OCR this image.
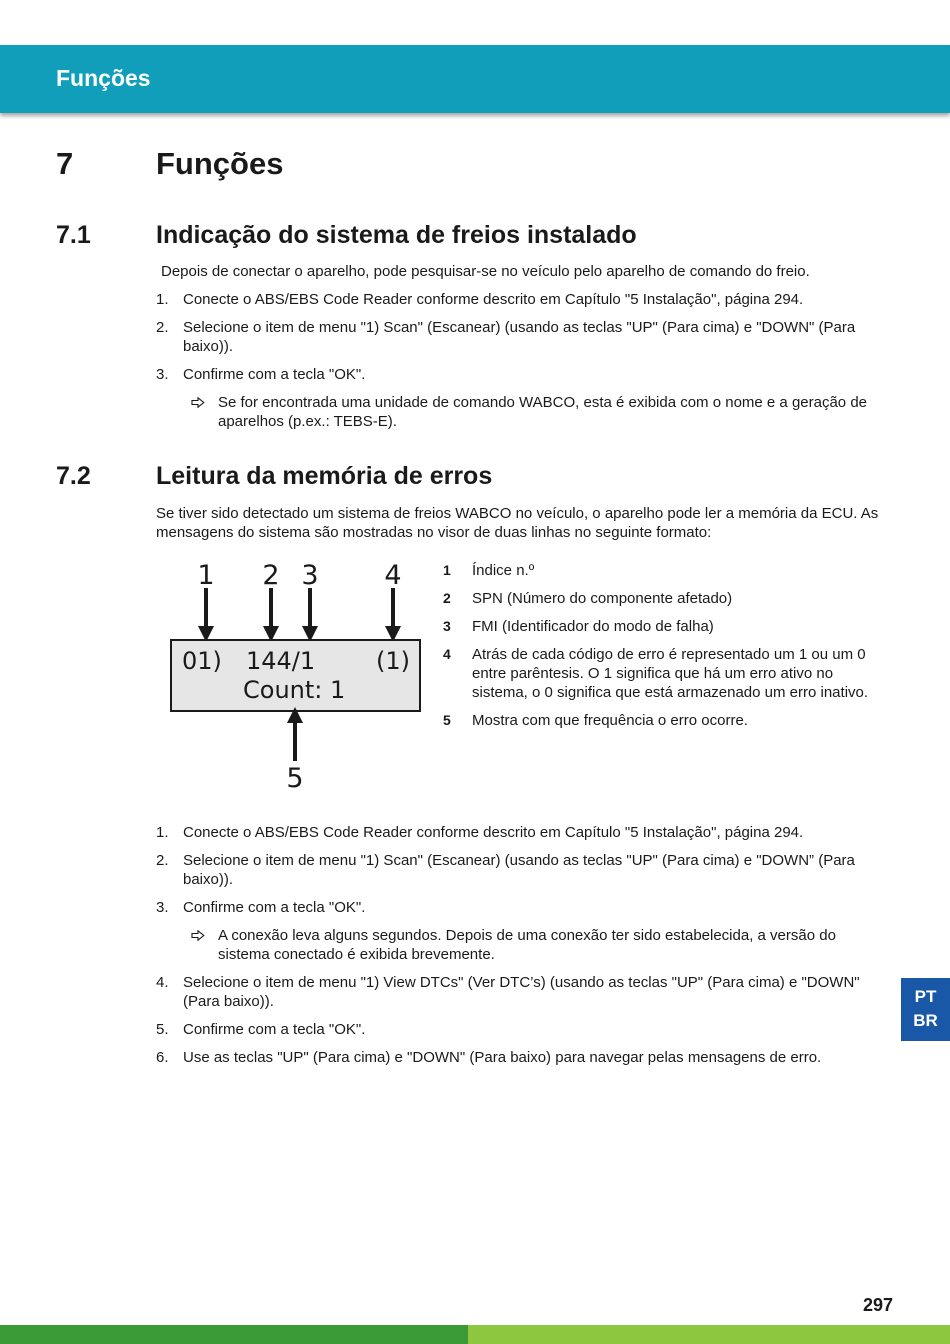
Funções
7	Funções
7.1	Indicação do sistema de freios instalado
Depois de conectar o aparelho, pode pesquisar-se no veículo pelo aparelho de comando do freio.
1. Conecte o ABS/EBS Code Reader conforme descrito em Capítulo "5 Instalação", página 294.
2. Selecione o item de menu "1) Scan" (Escanear) (usando as teclas "UP" (Para cima) e "DOWN" (Para baixo)).
3. Confirme com a tecla "OK".
Se for encontrada uma unidade de comando WABCO, esta é exibida com o nome e a geração de aparelhos (p.ex.: TEBS-E).
7.2	Leitura da memória de erros
Se tiver sido detectado um sistema de freios WABCO no veículo, o aparelho pode ler a memória da ECU. As mensagens do sistema são mostradas no visor de duas linhas no seguinte formato:
1 2 3 4
01) 144/1	(1)
Count: 1
5
1 Índice n.º
2 SPN (Número do componente afetado)
3 FMI (Identificador do modo de falha)
4 Atrás de cada código de erro é representado um 1 ou um 0 entre parêntesis. O 1 significa que há um erro ativo no sistema, o 0 significa que está armazenado um erro inativo.
5 Mostra com que frequência o erro ocorre.
1. Conecte o ABS/EBS Code Reader conforme descrito em Capítulo "5 Instalação", página 294.
2. Selecione o item de menu "1) Scan" (Escanear) (usando as teclas "UP" (Para cima) e "DOWN” (Para baixo)).
3. Confirme com a tecla "OK".
A conexão leva alguns segundos. Depois de uma conexão ter sido estabelecida, a versão do sistema conectado é exibida brevemente.
4. Selecione o item de menu "1) View DTCs" (Ver DTC’s) (usando as teclas "UP" (Para cima) e "DOWN" (Para baixo)).
5. Confirme com a tecla "OK".
6. Use as teclas "UP" (Para cima) e "DOWN" (Para baixo) para navegar pelas mensagens de erro.
PT
BR
297
